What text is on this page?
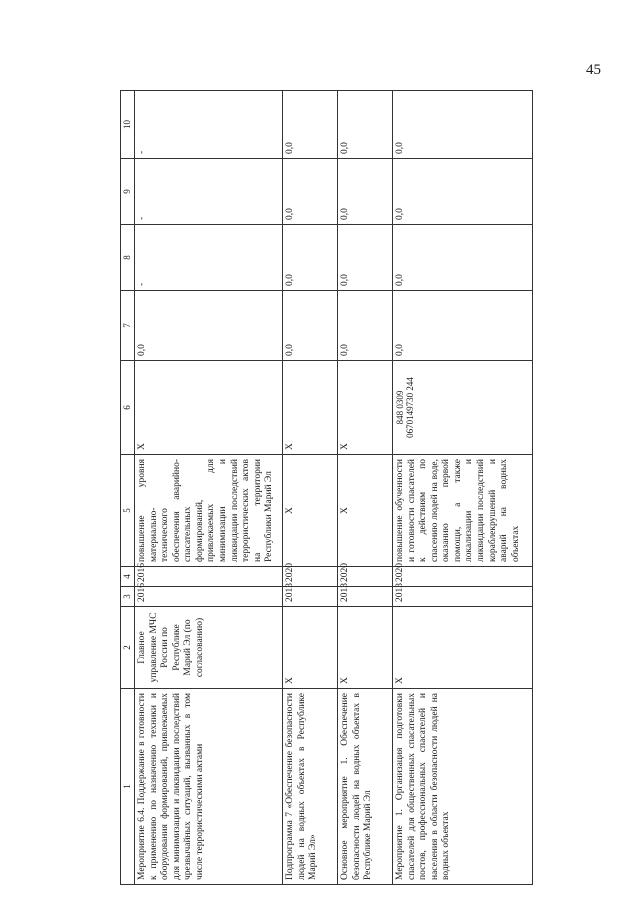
45
1	2	3	4	5	6	7	8	9	10
Мероприятие 6.4. Поддержание в готовности к применению по назначению техники и оборудования формирований, привлекаемых для минимизации и ликвидации последствий чрезвычайных ситуаций, вызванных в том числе террористическими актами	Главное управление МЧС России по Республике Марий Эл (по согласованию)	2016	2016	повышение уровня материально-технического обеспечения аварийно-спасательных формирований, привлекаемых для минимизации и ликвидации последствий террористических актов на территории Республики Марий Эл	X	0,0	-	-	-
Подпрограмма 7 «Обеспечение безопасности людей на водных объектах в Республике Марий Эл»	X	2013	2020	X	X	0,0	0,0	0,0	0,0
Основное мероприятие 1. Обеспечение безопасности людей на водных объектах в Республике Марий Эл	X	2013	2020	X	X	0,0	0,0	0,0	0,0
Мероприятие 1. Организация подготовки спасателей для общественных спасательных постов, профессиональных спасателей и населения в области безопасности людей на водных объектах	X	2013	2020	повышение обученности и готовности спасателей к действиям по спасению людей на воде, оказанию первой помощи, а также локализации и ликвидации последствий кораблекрушений и аварий на водных объектах	848 0309 0670149730 244	0,0	0,0	0,0	0,0
